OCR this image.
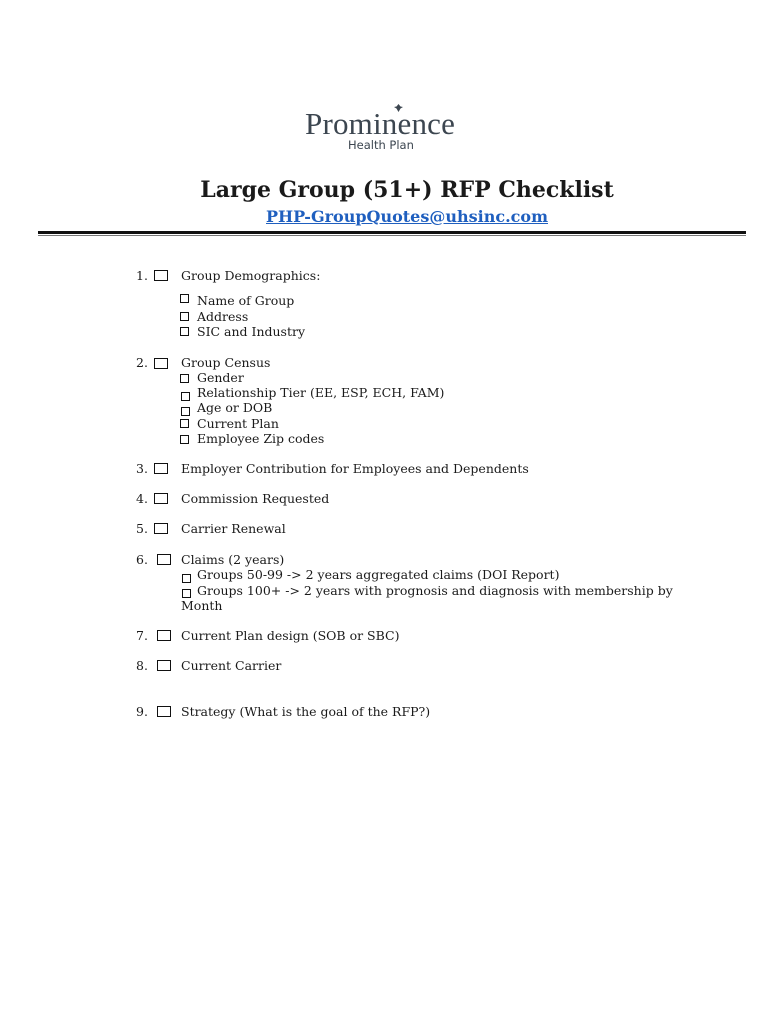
Prominence
Health Plan
Large Group (51+) RFP Checklist
PHP-GroupQuotes@uhsinc.com
1.	Group Demographics:
Name of Group
Address
SIC and Industry
2.	Group Census
Gender
Relationship Tier (EE, ESP, ECH, FAM)
Age or DOB
Current Plan
Employee Zip codes
3.	Employer Contribution for Employees and Dependents
4.	Commission Requested
5.	Carrier Renewal
6.	Claims (2 years)
Groups 50-99 -> 2 years aggregated claims (DOI Report)
Groups 100+ -> 2 years with prognosis and diagnosis with membership by
Month
7.	Current Plan design (SOB or SBC)
8.	Current Carrier
9.	Strategy (What is the goal of the RFP?)
